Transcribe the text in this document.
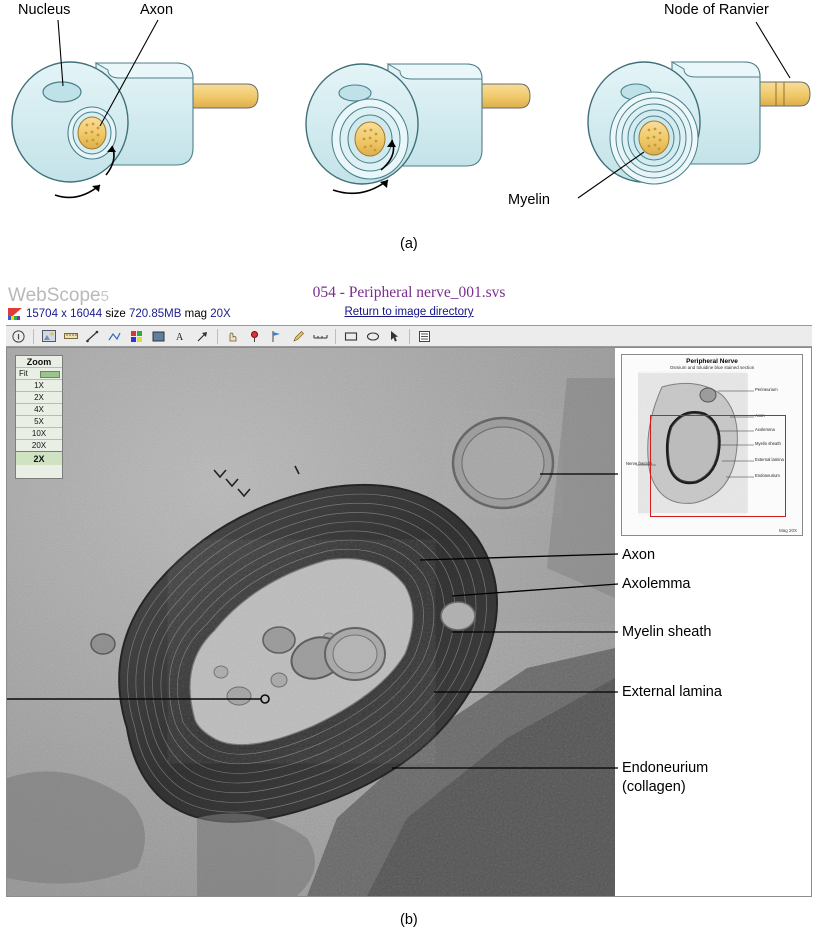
Nucleus	Axon	Node of Ranvier
Myelin
(a)
WebScope5
15704 x 16044 size 720.85MB mag 20X
054 - Peripheral nerve_001.svs
Return to image directory
A
Zoom
Fit
1X
2X
4X
5X
10X
20X
2X
Peripheral Nerve
Osmium and toluidine blue stained section
Perineurium
Axon
Axolemma
Myelin sheath
External lamina
Endoneurium
Nerve fascicle
Mag 20X
Axon
Axolemma
Myelin sheath
External lamina
Endoneurium
(collagen)
(b)
